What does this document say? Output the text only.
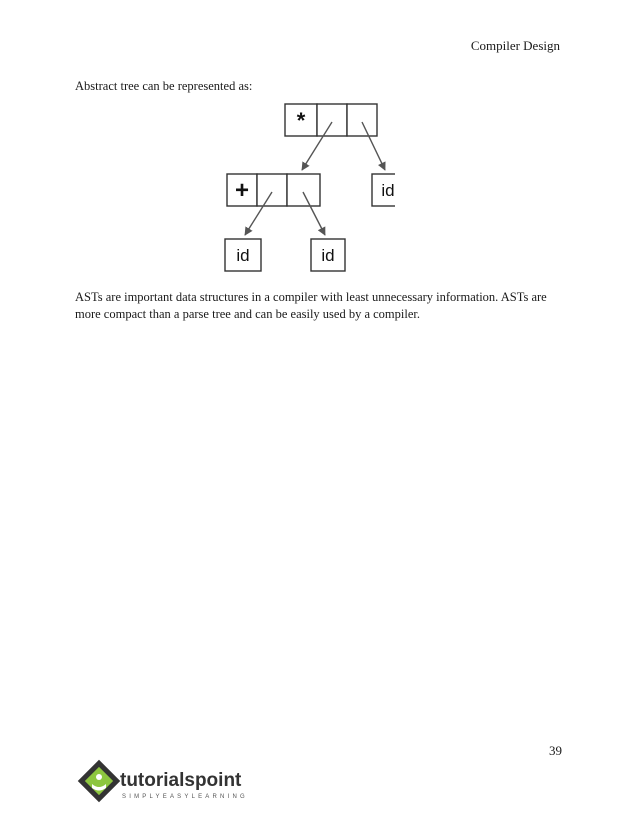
Compiler Design
Abstract tree can be represented as:
*
+	id
id	id
ASTs are important data structures in a compiler with least unnecessary information. ASTs are more compact than a parse tree and can be easily used by a compiler.
39
tutorialspoint
SIMPLYEASYLEARNING
